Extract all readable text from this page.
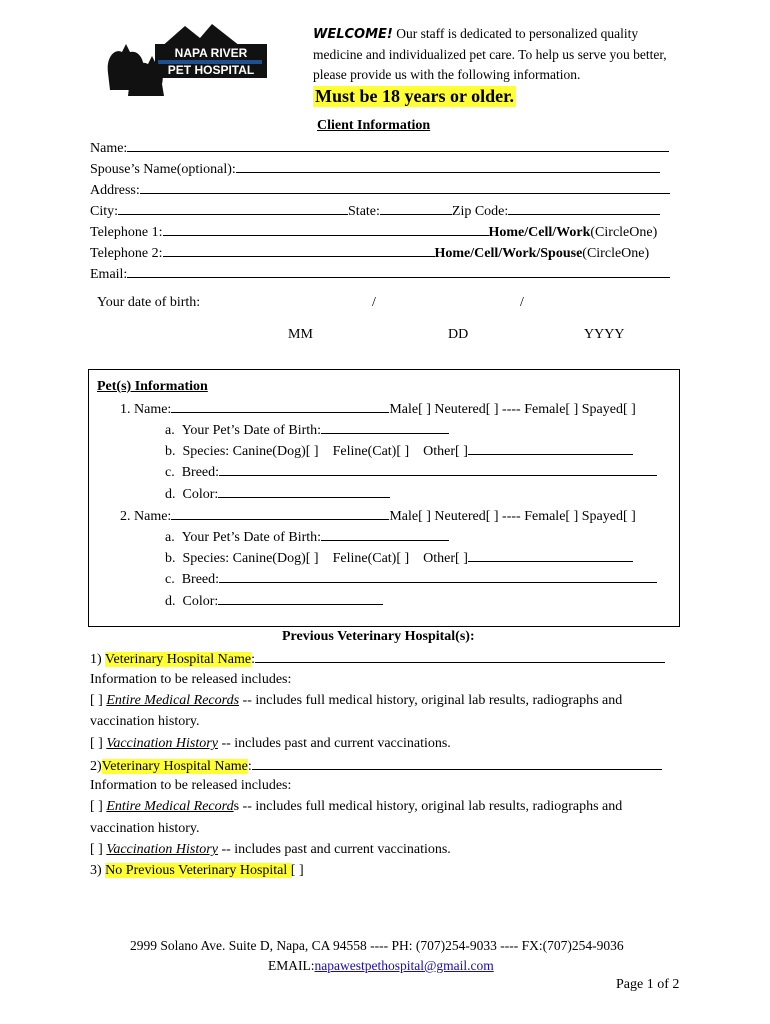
NAPA RIVER
PET HOSPITAL
WELCOME! Our staff is dedicated to personalized quality
medicine and individualized pet care. To help us serve you better,
please provide us with the following information.
Must be 18 years or older.
Client Information
Name:
Spouse’s Name(optional):
Address:
City:	State:	Zip Code:
Telephone 1:	Home/Cell/Work(CircleOne)
Telephone 2:	Home/Cell/Work/Spouse(CircleOne)
Email:
Your date of birth:	/	/
MM	DD	YYYY
Pet(s) Information
1. Name:	Male[ ] Neutered[ ] ---- Female[ ] Spayed[ ]
a. Your Pet’s Date of Birth:
b. Species: Canine(Dog)[ ] Feline(Cat)[ ] Other[ ]
c. Breed:
d. Color:
2. Name:	Male[ ] Neutered[ ] ---- Female[ ] Spayed[ ]
a. Your Pet’s Date of Birth:
b. Species: Canine(Dog)[ ] Feline(Cat)[ ] Other[ ]
c. Breed:
d. Color:
Previous Veterinary Hospital(s):
1) Veterinary Hospital Name:
Information to be released includes:
[ ] Entire Medical Records -- includes full medical history, original lab results, radiographs and
vaccination history.
[ ] Vaccination History -- includes past and current vaccinations.
2)Veterinary Hospital Name:
Information to be released includes:
[ ] Entire Medical Records -- includes full medical history, original lab results, radiographs and
vaccination history.
[ ] Vaccination History -- includes past and current vaccinations.
3) No Previous Veterinary Hospital [ ]
2999 Solano Ave. Suite D, Napa, CA 94558 ---- PH: (707)254-9033 ---- FX:(707)254-9036
EMAIL:napawestpethospital@gmail.com
Page 1 of 2
